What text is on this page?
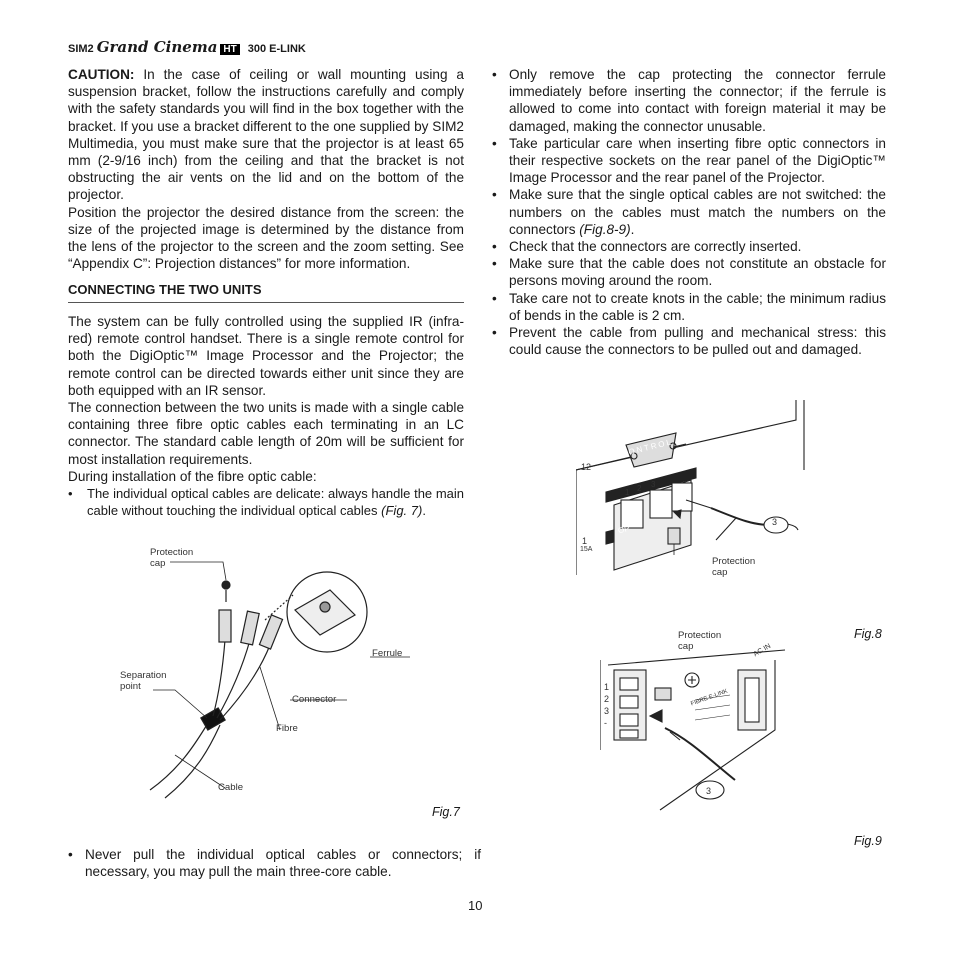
SIM2 Grand Cinema HT 300 E-LINK

CAUTION: In the case of ceiling or wall mounting using a suspension bracket, follow the instructions carefully and comply with the safety standards you will find in the box together with the bracket. If you use a bracket different to the one supplied by SIM2 Multimedia, you must make sure that the projector is at least 65 mm (2-9/16 inch) from the ceiling and that the bracket is not obstructing the air vents on the lid and on the bottom of the projector.

Position the projector the desired distance from the screen: the size of the projected image is determined by the distance from the lens of the projector to the screen and the zoom setting. See “Appendix C”: Projection distances” for more information.

CONNECTING THE TWO UNITS

The system can be fully controlled using the supplied IR (infra-red) remote control handset. There is a single remote control for both the DigiOptic™ Image Processor and the Projector; the remote control can be directed towards either unit since they are both equipped with an IR sensor.

The connection between the two units is made with a single cable containing three fibre optic cables each terminating in an LC connector. The standard cable length of 20m will be sufficient for most installation requirements.

During installation of the fibre optic cable:

• The individual optical cables are delicate: always handle the main cable without touching the individual optical cables (Fig. 7).
Protection cap
Ferrule
Separation point
Connector
Fibre
Cable
Fig.7
• Never pull the individual optical cables or connectors; if necessary, you may pull the main three-core cable.
• Only remove the cap protecting the connector ferrule immediately before inserting the connector; if the ferrule is allowed to come into contact with foreign material it may be damaged, making the connector unusable.
• Take particular care when inserting fibre optic connectors in their respective sockets on the rear panel of the DigiOptic™ Image Processor and the rear panel of the Projector.
• Make sure that the single optical cables are not switched: the numbers on the cables must match the numbers on the connectors (Fig.8-9).
• Check that the connectors are correctly inserted.
• Make sure that the cable does not constitute an obstacle for persons moving around the room.
• Take care not to create knots in the cable; the minimum radius of bends in the cable is 2 cm.
• Prevent the cable from pulling and mechanical stress: this could cause the connectors to be pulled out and damaged.
CONTROL   IRS
OP
12
1
15A
1 2 3
3
Protection cap
Fig.8
Protection cap
1
2
3
-
AC IN
FIBRE E-LINK
3
Fig.9
10
